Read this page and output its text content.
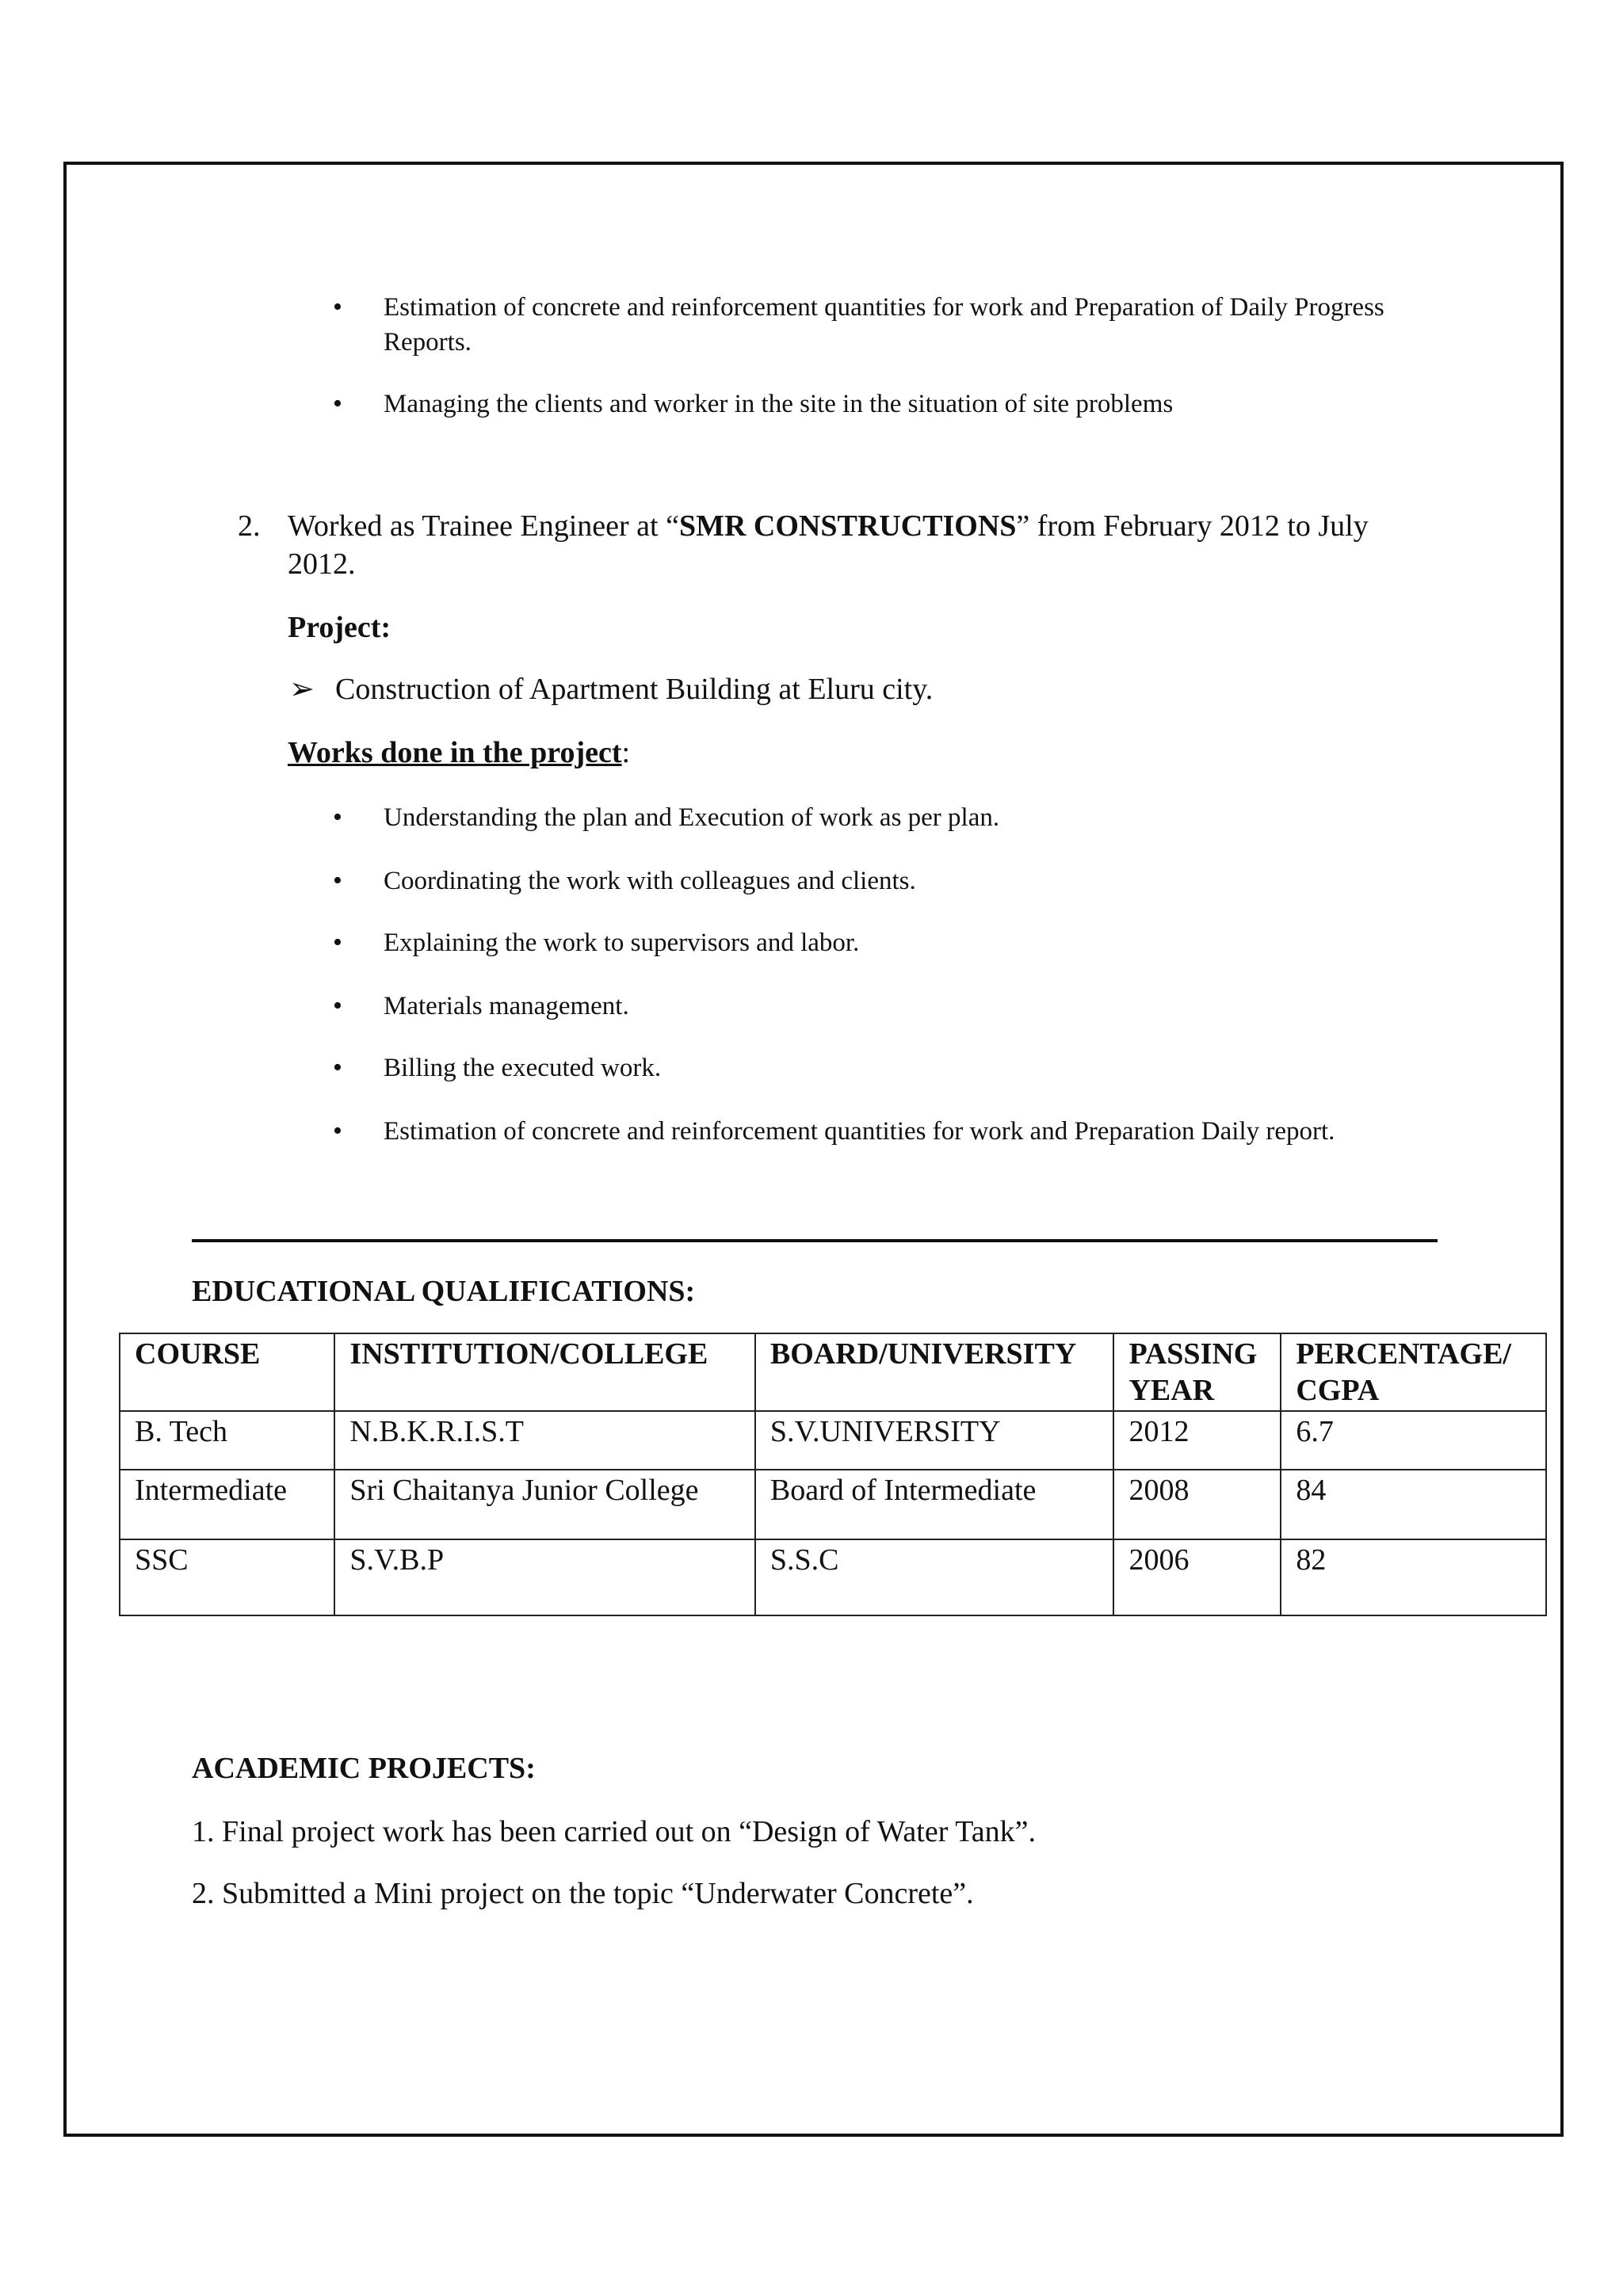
• Estimation of concrete and reinforcement quantities for work and Preparation of Daily Progress Reports.
• Managing the clients and worker in the site in the situation of site problems
2. Worked as Trainee Engineer at “SMR CONSTRUCTIONS” from February 2012 to July 2012.
Project:
➢ Construction of Apartment Building at Eluru city.
Works done in the project:
• Understanding the plan and Execution of work as per plan.
• Coordinating the work with colleagues and clients.
• Explaining the work to supervisors and labor.
• Materials management.
• Billing the executed work.
• Estimation of concrete and reinforcement quantities for work and Preparation Daily report.
EDUCATIONAL QUALIFICATIONS:
COURSE	INSTITUTION/COLLEGE	BOARD/UNIVERSITY	PASSING YEAR	PERCENTAGE/ CGPA
B. Tech	N.B.K.R.I.S.T	S.V.UNIVERSITY	2012	6.7
Intermediate	Sri Chaitanya Junior College	Board of Intermediate	2008	84
SSC	S.V.B.P	S.S.C	2006	82
ACADEMIC PROJECTS:
1. Final project work has been carried out on “Design of Water Tank”.
2. Submitted a Mini project on the topic “Underwater Concrete”.
